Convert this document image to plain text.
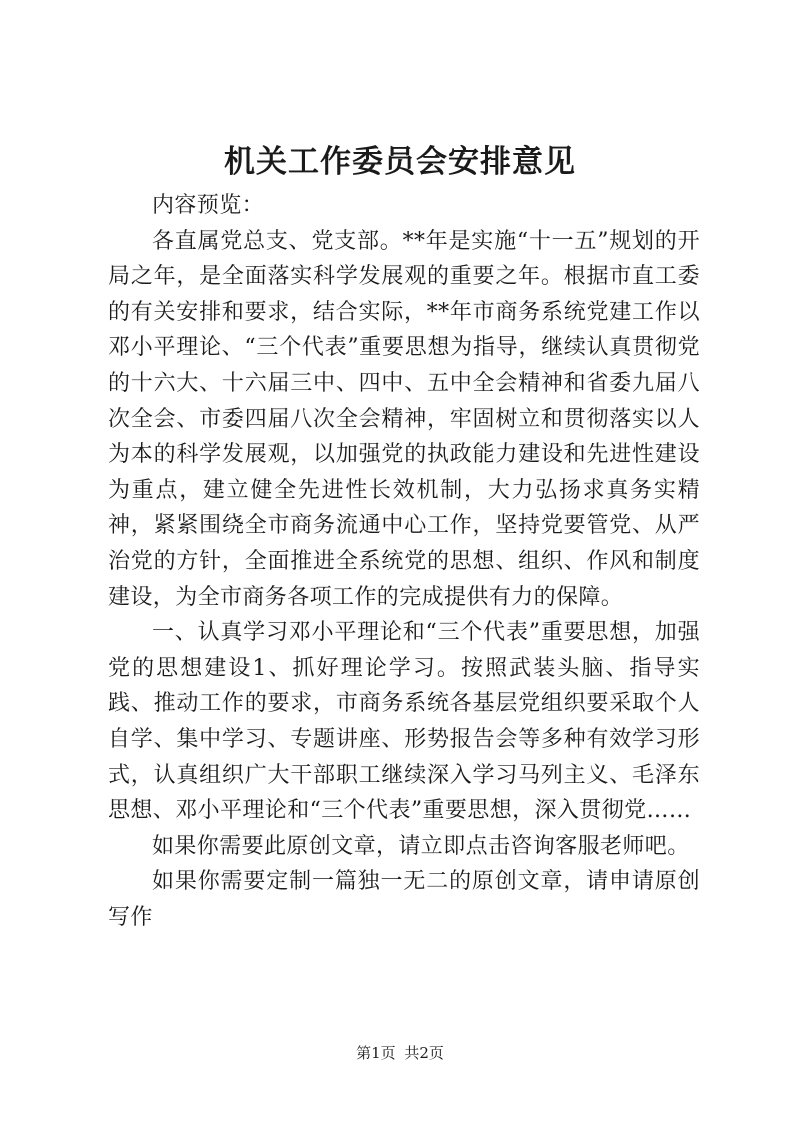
机关工作委员会安排意见

内容预览：

各直属党总支、党支部。**年是实施“十一五”规划的开局之年，是全面落实科学发展观的重要之年。根据市直工委的有关安排和要求，结合实际，**年市商务系统党建工作以邓小平理论、“三个代表”重要思想为指导，继续认真贯彻党的十六大、十六届三中、四中、五中全会精神和省委九届八次全会、市委四届八次全会精神，牢固树立和贯彻落实以人为本的科学发展观，以加强党的执政能力建设和先进性建设为重点，建立健全先进性长效机制，大力弘扬求真务实精神，紧紧围绕全市商务流通中心工作，坚持党要管党、从严治党的方针，全面推进全系统党的思想、组织、作风和制度建设，为全市商务各项工作的完成提供有力的保障。

一、认真学习邓小平理论和“三个代表”重要思想，加强党的思想建设1、抓好理论学习。按照武装头脑、指导实践、推动工作的要求，市商务系统各基层党组织要采取个人自学、集中学习、专题讲座、形势报告会等多种有效学习形式，认真组织广大干部职工继续深入学习马列主义、毛泽东思想、邓小平理论和“三个代表”重要思想，深入贯彻党……

如果你需要此原创文章，请立即点击咨询客服老师吧。

如果你需要定制一篇独一无二的原创文章，请申请原创写作

第1页 共2页
